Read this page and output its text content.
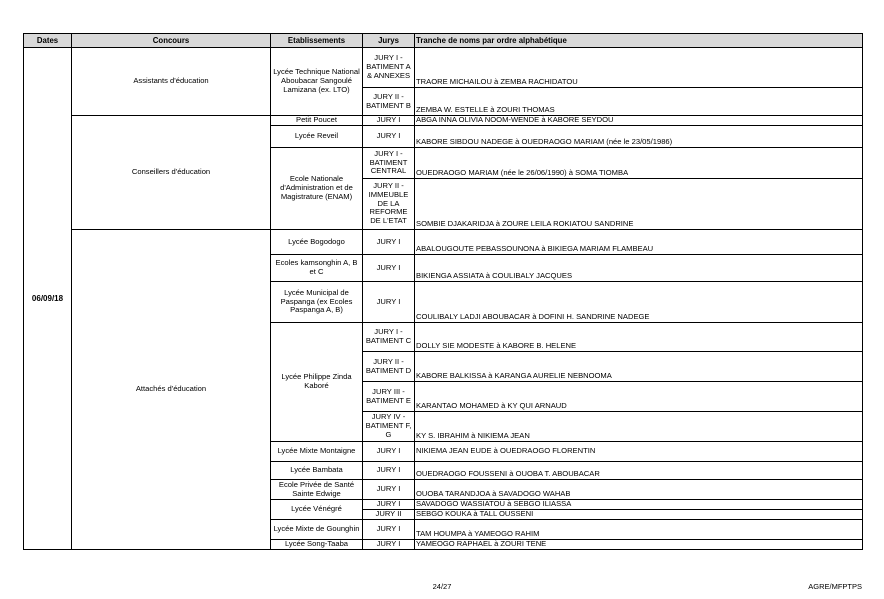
Dates	Concours	Etablissements	Jurys	Tranche de noms par ordre alphabétique
06/09/18	Assistants d'éducation	Lycée Technique National Aboubacar Sangoulé Lamizana (ex. LTO)	JURY I - BATIMENT A & ANNEXES	TRAORE MICHAILOU à ZEMBA RACHIDATOU
			JURY II - BATIMENT B	ZEMBA W. ESTELLE à ZOURI THOMAS
	Conseillers d'éducation	Petit Poucet	JURY I	ABGA INNA OLIVIA NOOM-WENDE à KABORE SEYDOU
		Lycée Reveil	JURY I	KABORE SIBDOU NADEGE à OUEDRAOGO MARIAM (née le 23/05/1986)
		Ecole Nationale d'Administration et de Magistrature (ENAM)	JURY I - BATIMENT CENTRAL	OUEDRAOGO MARIAM (née le 26/06/1990) à SOMA TIOMBA
			JURY II - IMMEUBLE DE LA REFORME DE L'ETAT	SOMBIE DJAKARIDJA à ZOURE LEILA ROKIATOU SANDRINE
	Attachés d'éducation	Lycée Bogodogo	JURY I	ABALOUGOUTE PEBASSOUNONA à BIKIEGA MARIAM FLAMBEAU
		Ecoles kamsonghin A, B et C	JURY I	BIKIENGA ASSIATA à COULIBALY JACQUES
		Lycée Municipal de Paspanga (ex Ecoles Paspanga A, B)	JURY I	COULIBALY LADJI ABOUBACAR à DOFINI H. SANDRINE NADEGE
		Lycée Philippe Zinda Kaboré	JURY I - BATIMENT C	DOLLY SIE MODESTE à KABORE B. HELENE
			JURY II - BATIMENT D	KABORE BALKISSA à KARANGA AURELIE NEBNOOMA
			JURY III - BATIMENT E	KARANTAO MOHAMED à KY QUI ARNAUD
			JURY IV - BATIMENT F, G	KY S. IBRAHIM à NIKIEMA JEAN
		Lycée Mixte Montaigne	JURY I	NIKIEMA JEAN EUDE à OUEDRAOGO FLORENTIN
		Lycée Bambata	JURY I	OUEDRAOGO FOUSSENI à OUOBA T. ABOUBACAR
		Ecole Privée de Santé Sainte Edwige	JURY I	OUOBA TARANDJOA à SAVADOGO WAHAB
		Lycée Vénégré	JURY I	SAVADOGO WASSIATOU à SEBGO ILIASSA
			JURY II	SEBGO KOUKA à TALL OUSSENI
		Lycée Mixte de Gounghin	JURY I	TAM HOUMPA à YAMEOGO RAHIM
		Lycée Song-Taaba	JURY I	YAMEOGO RAPHAEL à ZOURI TENE
24/27	AGRE/MFPTPS
